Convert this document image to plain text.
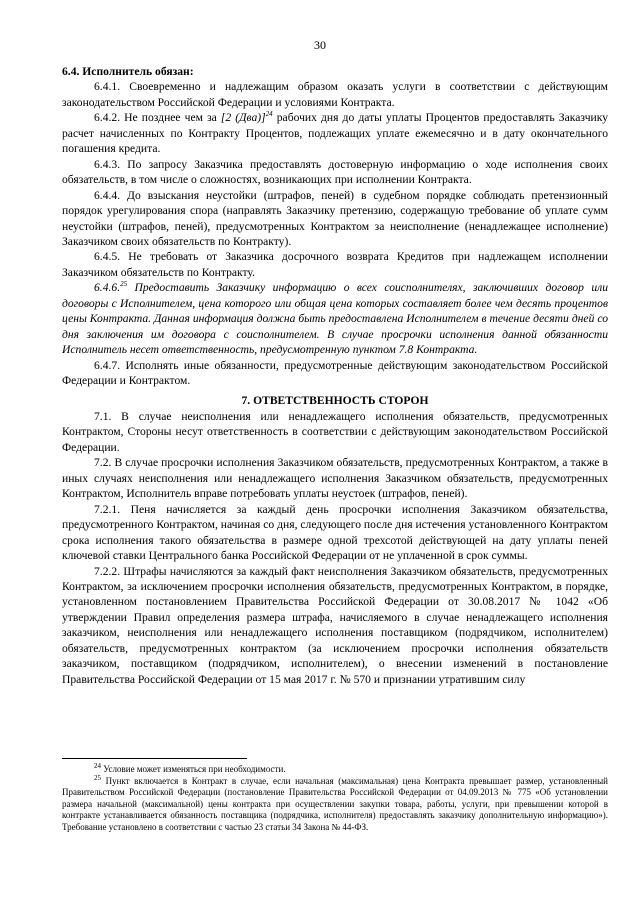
30

6.4. Исполнитель обязан:

6.4.1. Своевременно и надлежащим образом оказать услуги в соответствии с действующим законодательством Российской Федерации и условиями Контракта.

6.4.2. Не позднее чем за [2 (Два)]$^{24}$ рабочих дня до даты уплаты Процентов предоставлять Заказчику расчет начисленных по Контракту Процентов, подлежащих уплате ежемесячно и в дату окончательного погашения кредита.

6.4.3. По запросу Заказчика предоставлять достоверную информацию о ходе исполнения своих обязательств, в том числе о сложностях, возникающих при исполнении Контракта.

6.4.4. До взыскания неустойки (штрафов, пеней) в судебном порядке соблюдать претензионный порядок урегулирования спора (направлять Заказчику претензию, содержащую требование об уплате сумм неустойки (штрафов, пеней), предусмотренных Контрактом за неисполнение (ненадлежащее исполнение) Заказчиком своих обязательств по Контракту).

6.4.5. Не требовать от Заказчика досрочного возврата Кредитов при надлежащем исполнении Заказчиком обязательств по Контракту.

6.4.6.25 Предоставить Заказчику информацию о всех соисполнителях, заключивших договор или договоры с Исполнителем, цена которого или общая цена которых составляет более чем десять процентов цены Контракта. Данная информация должна быть предоставлена Исполнителем в течение десяти дней со дня заключения им договора с соисполнителем. В случае просрочки исполнения данной обязанности Исполнитель несет ответственность, предусмотренную пунктом 7.8 Контракта.

6.4.7. Исполнять иные обязанности, предусмотренные действующим законодательством Российской Федерации и Контрактом.

7. ОТВЕТСТВЕННОСТЬ СТОРОН

7.1. В случае неисполнения или ненадлежащего исполнения обязательств, предусмотренных Контрактом, Стороны несут ответственность в соответствии с действующим законодательством Российской Федерации.

7.2. В случае просрочки исполнения Заказчиком обязательств, предусмотренных Контрактом, а также в иных случаях неисполнения или ненадлежащего исполнения Заказчиком обязательств, предусмотренных Контрактом, Исполнитель вправе потребовать уплаты неустоек (штрафов, пеней).

7.2.1. Пеня начисляется за каждый день просрочки исполнения Заказчиком обязательства, предусмотренного Контрактом, начиная со дня, следующего после дня истечения установленного Контрактом срока исполнения такого обязательства в размере одной трехсотой действующей на дату уплаты пеней ключевой ставки Центрального банка Российской Федерации от не уплаченной в срок суммы.

7.2.2. Штрафы начисляются за каждый факт неисполнения Заказчиком обязательств, предусмотренных Контрактом, за исключением просрочки исполнения обязательств, предусмотренных Контрактом, в порядке, установленном постановлением Правительства Российской Федерации от 30.08.2017 № 1042 «Об утверждении Правил определения размера штрафа, начисляемого в случае ненадлежащего исполнения заказчиком, неисполнения или ненадлежащего исполнения поставщиком (подрядчиком, исполнителем) обязательств, предусмотренных контрактом (за исключением просрочки исполнения обязательств заказчиком, поставщиком (подрядчиком, исполнителем), о внесении изменений в постановление Правительства Российской Федерации от 15 мая 2017 г. № 570 и признании утратившим силу

$^{24}$ Условие может изменяться при необходимости.

$^{25}$ Пункт включается в Контракт в случае, если начальная (максимальная) цена Контракта превышает размер, установленный Правительством Российской Федерации (постановление Правительства Российской Федерации от 04.09.2013 № 775 «Об установлении размера начальной (максимальной) цены контракта при осуществлении закупки товара, работы, услуги, при превышении которой в контракте устанавливается обязанность поставщика (подрядчика, исполнителя) предоставлять заказчику дополнительную информацию»). Требование установлено в соответствии с частью 23 статьи 34 Закона № 44-ФЗ.
